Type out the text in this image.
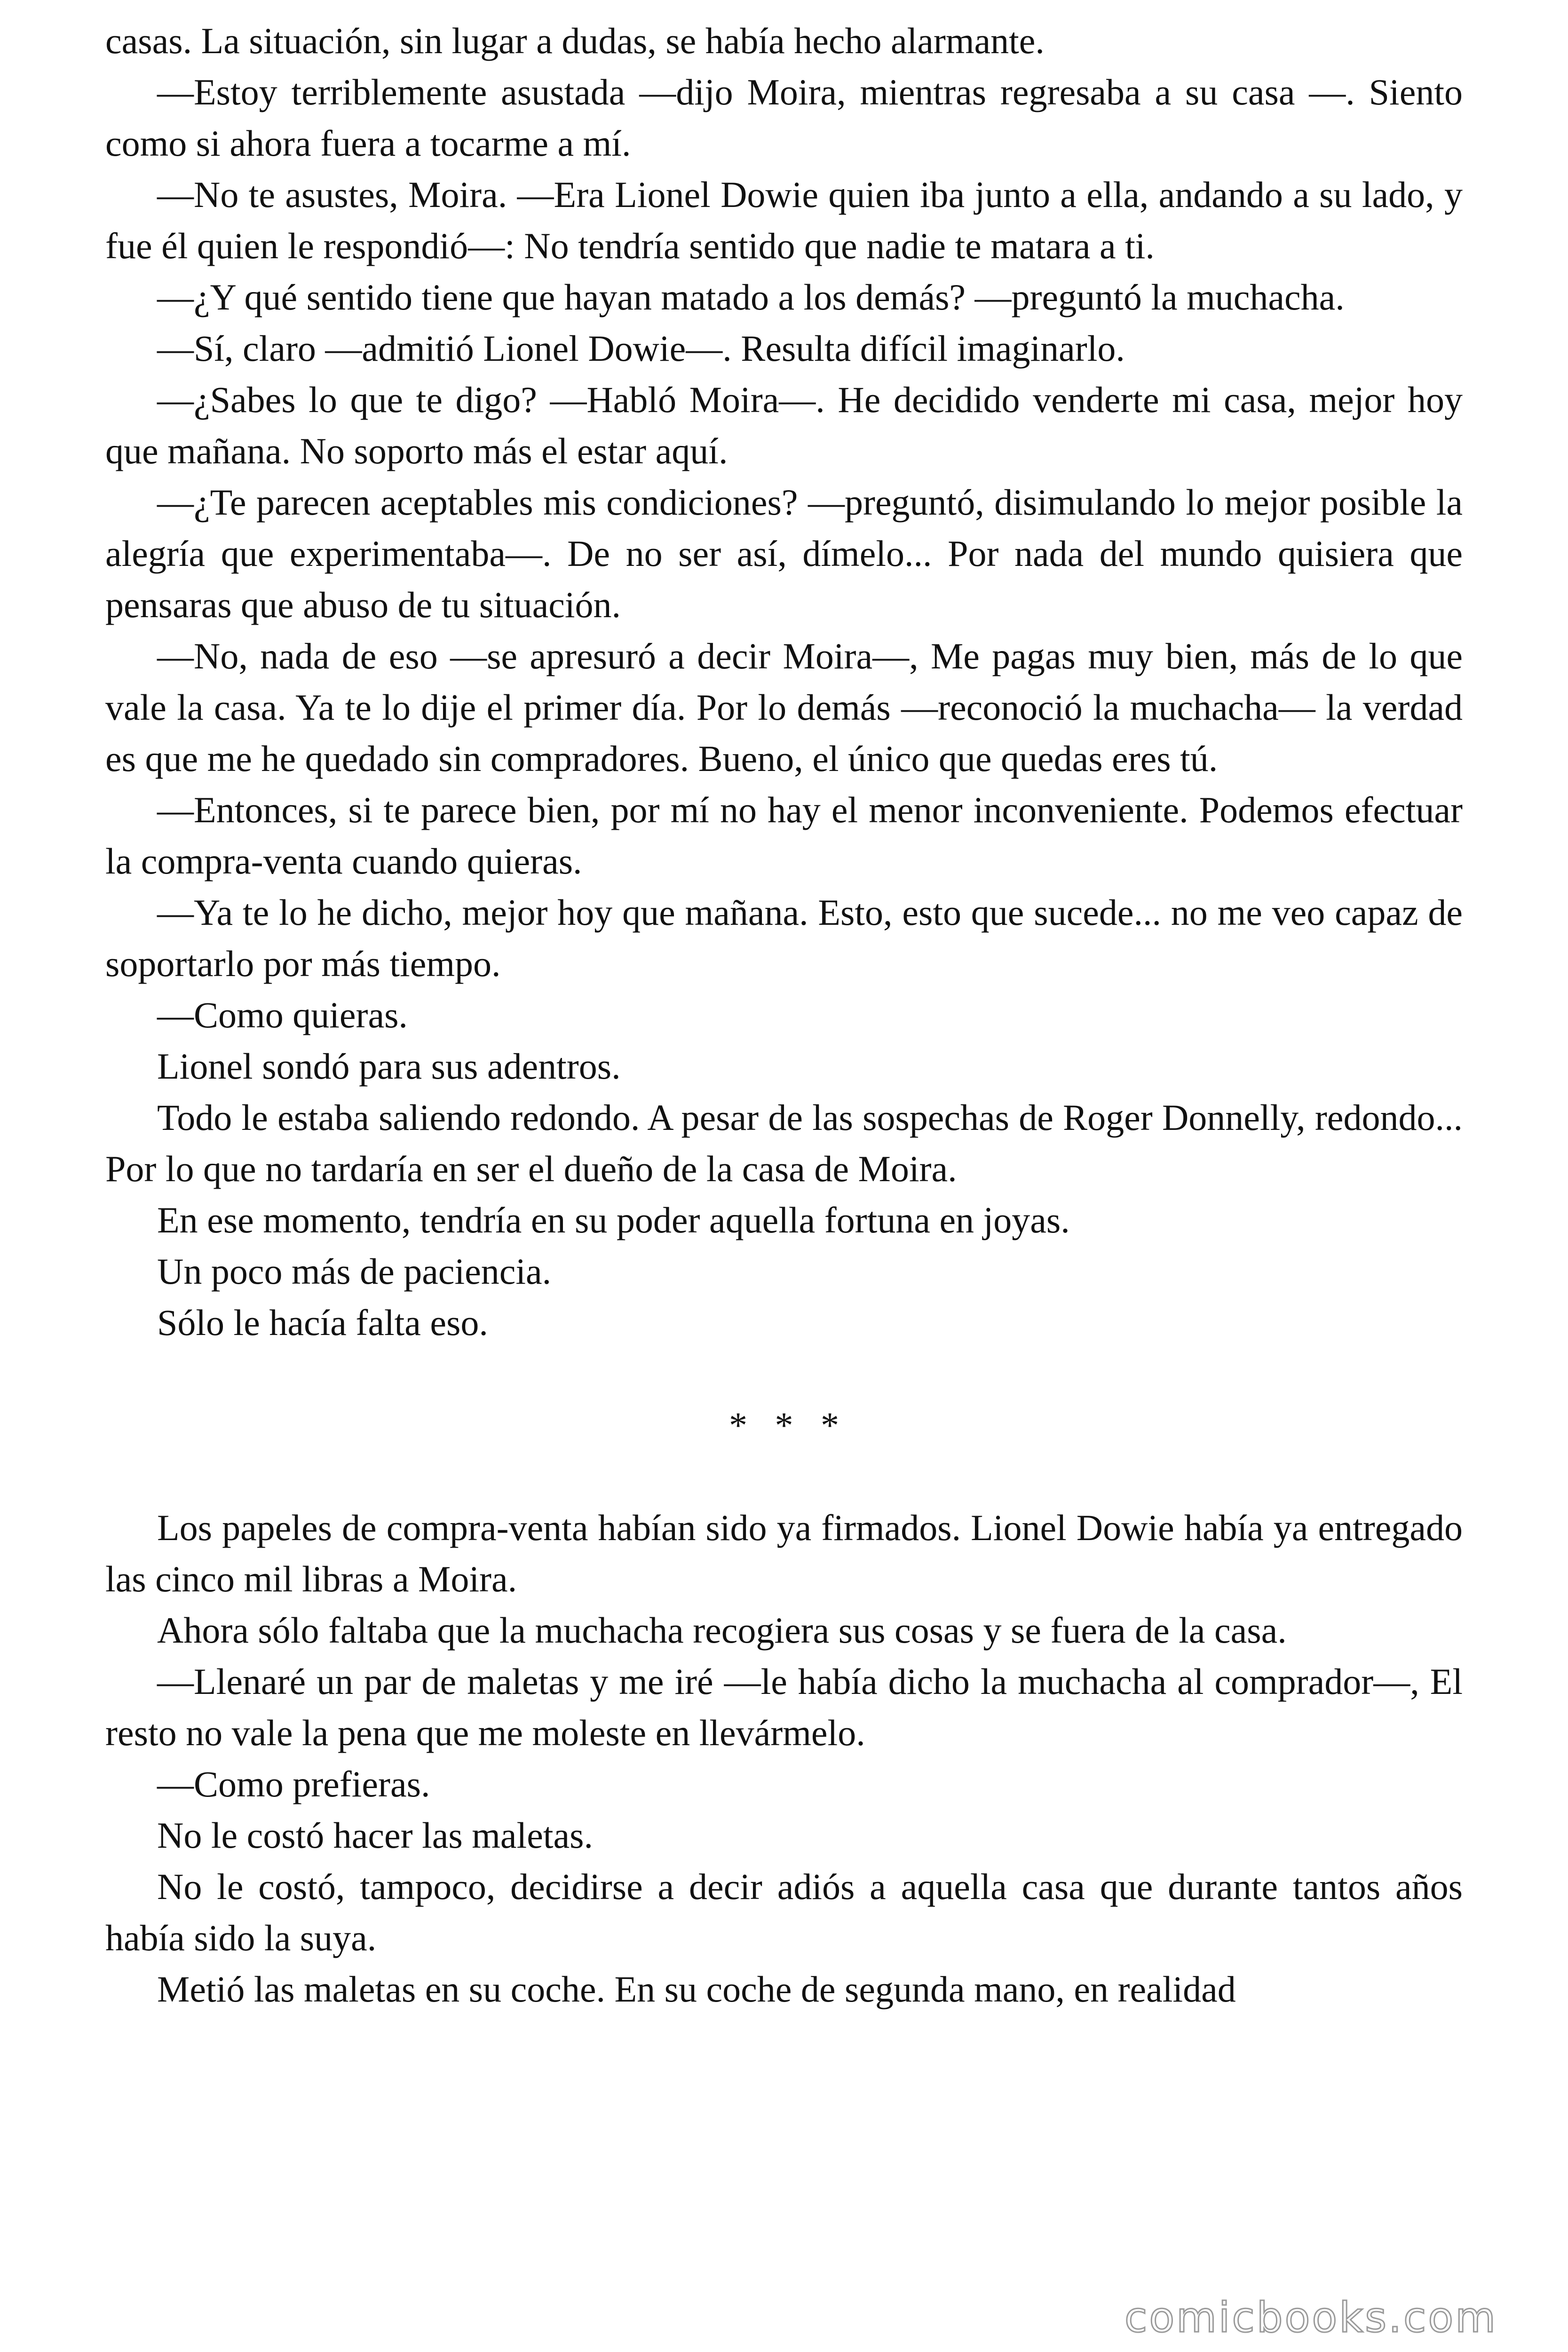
casas. La situación, sin lugar a dudas, se había hecho alarmante.

—Estoy terriblemente asustada —dijo Moira, mientras regresaba a su casa —. Siento como si ahora fuera a tocarme a mí.

—No te asustes, Moira. —Era Lionel Dowie quien iba junto a ella, andando a su lado, y fue él quien le respondió—: No tendría sentido que nadie te matara a ti.

—¿Y qué sentido tiene que hayan matado a los demás? —preguntó la muchacha.

—Sí, claro —admitió Lionel Dowie—. Resulta difícil imaginarlo.

—¿Sabes lo que te digo? —Habló Moira—. He decidido venderte mi casa, mejor hoy que mañana. No soporto más el estar aquí.

—¿Te parecen aceptables mis condiciones? —preguntó, disimulando lo mejor posible la alegría que experimentaba—. De no ser así, dímelo... Por nada del mundo quisiera que pensaras que abuso de tu situación.

—No, nada de eso —se apresuró a decir Moira—, Me pagas muy bien, más de lo que vale la casa. Ya te lo dije el primer día. Por lo demás —reconoció la muchacha— la verdad es que me he quedado sin compradores. Bueno, el único que quedas eres tú.

—Entonces, si te parece bien, por mí no hay el menor inconveniente. Podemos efectuar la compra-venta cuando quieras.

—Ya te lo he dicho, mejor hoy que mañana. Esto, esto que sucede... no me veo capaz de soportarlo por más tiempo.

—Como quieras.

Lionel sondó para sus adentros.

Todo le estaba saliendo redondo. A pesar de las sospechas de Roger Donnelly, redondo... Por lo que no tardaría en ser el dueño de la casa de Moira.

En ese momento, tendría en su poder aquella fortuna en joyas.

Un poco más de paciencia.

Sólo le hacía falta eso.

* * *

Los papeles de compra-venta habían sido ya firmados. Lionel Dowie había ya entregado las cinco mil libras a Moira.

Ahora sólo faltaba que la muchacha recogiera sus cosas y se fuera de la casa.

—Llenaré un par de maletas y me iré —le había dicho la muchacha al comprador—, El resto no vale la pena que me moleste en llevármelo.

—Como prefieras.

No le costó hacer las maletas.

No le costó, tampoco, decidirse a decir adiós a aquella casa que durante tantos años había sido la suya.

Metió las maletas en su coche. En su coche de segunda mano, en realidad

comicbooks.com
